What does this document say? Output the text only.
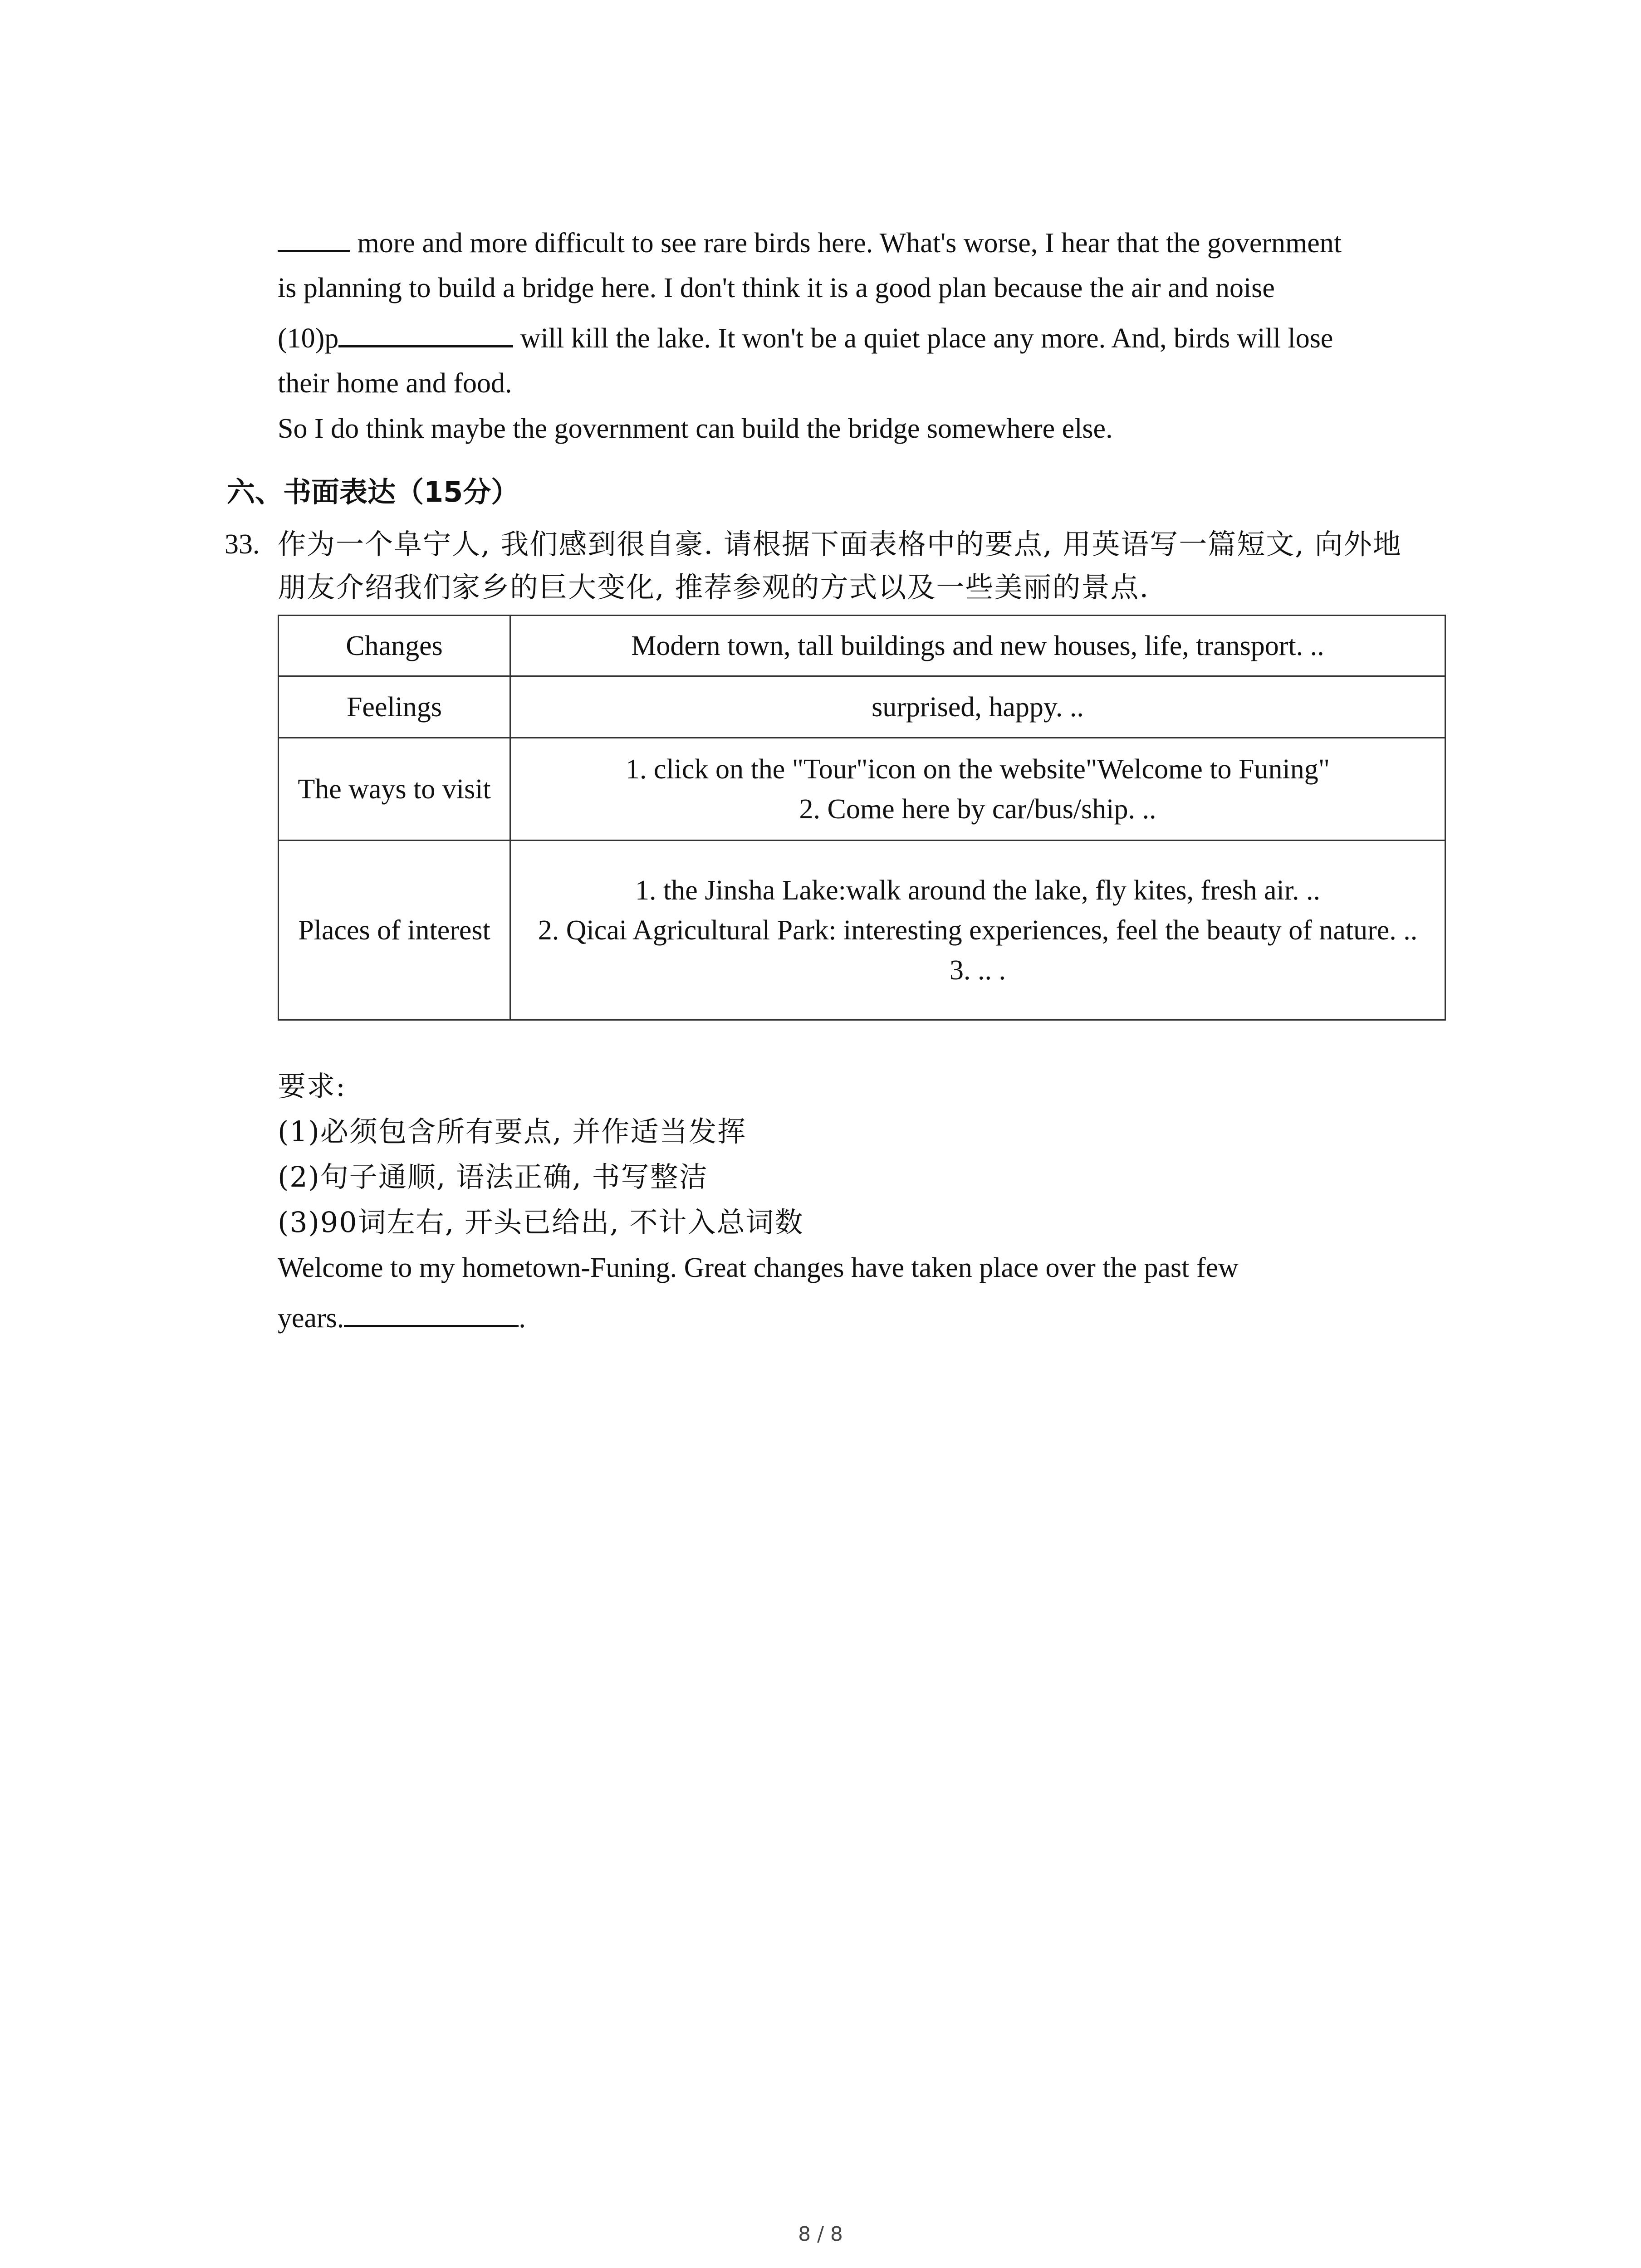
more and more difficult to see rare birds here. What's worse, I hear that the government
is planning to build a bridge here. I don't think it is a good plan because the air and noise
(10)p	will kill the lake. It won't be a quiet place any more. And, birds will lose
their home and food.
So I do think maybe the government can build the bridge somewhere else.
六、书面表达（15分）
33. 作为一个阜宁人, 我们感到很自豪. 请根据下面表格中的要点, 用英语写一篇短文, 向外地
朋友介绍我们家乡的巨大变化, 推荐参观的方式以及一些美丽的景点.
Changes	Modern town, tall buildings and new houses, life, transport. ..

Feelings	surprised, happy. ..

The ways to visit	1. click on the "Tour"icon on the website"Welcome to Funing"
2. Come here by car/bus/ship. ..

Places of interest	1. the Jinsha Lake:walk around the lake, fly kites, fresh air. ..
2. Qicai Agricultural Park: interesting experiences, feel the beauty of nature. ..
3. .. .
要求:
(1)必须包含所有要点, 并作适当发挥
(2)句子通顺, 语法正确, 书写整洁
(3)90词左右, 开头已给出, 不计入总词数
Welcome to my hometown-Funing. Great changes have taken place over the past few
years.	.
8 / 8
